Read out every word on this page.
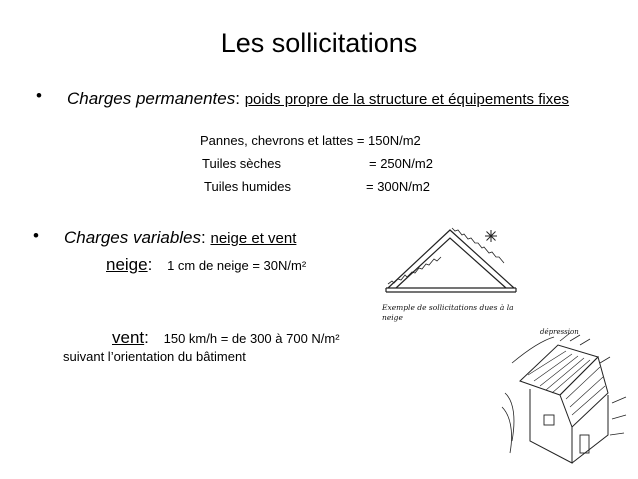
Les sollicitations
• Charges permanentes: poids propre de la structure et équipements fixes
Pannes, chevrons et lattes = 150N/m2
Tuiles sèches	= 250N/m2
Tuiles humides	= 300N/m2
• Charges variables: neige et vent
neige: 1 cm de neige = 30N/m²
vent: 150 km/h = de 300 à 700 N/m²
suivant l’orientation du bâtiment
Exemple de sollicitations dues à la
neige
dépression
